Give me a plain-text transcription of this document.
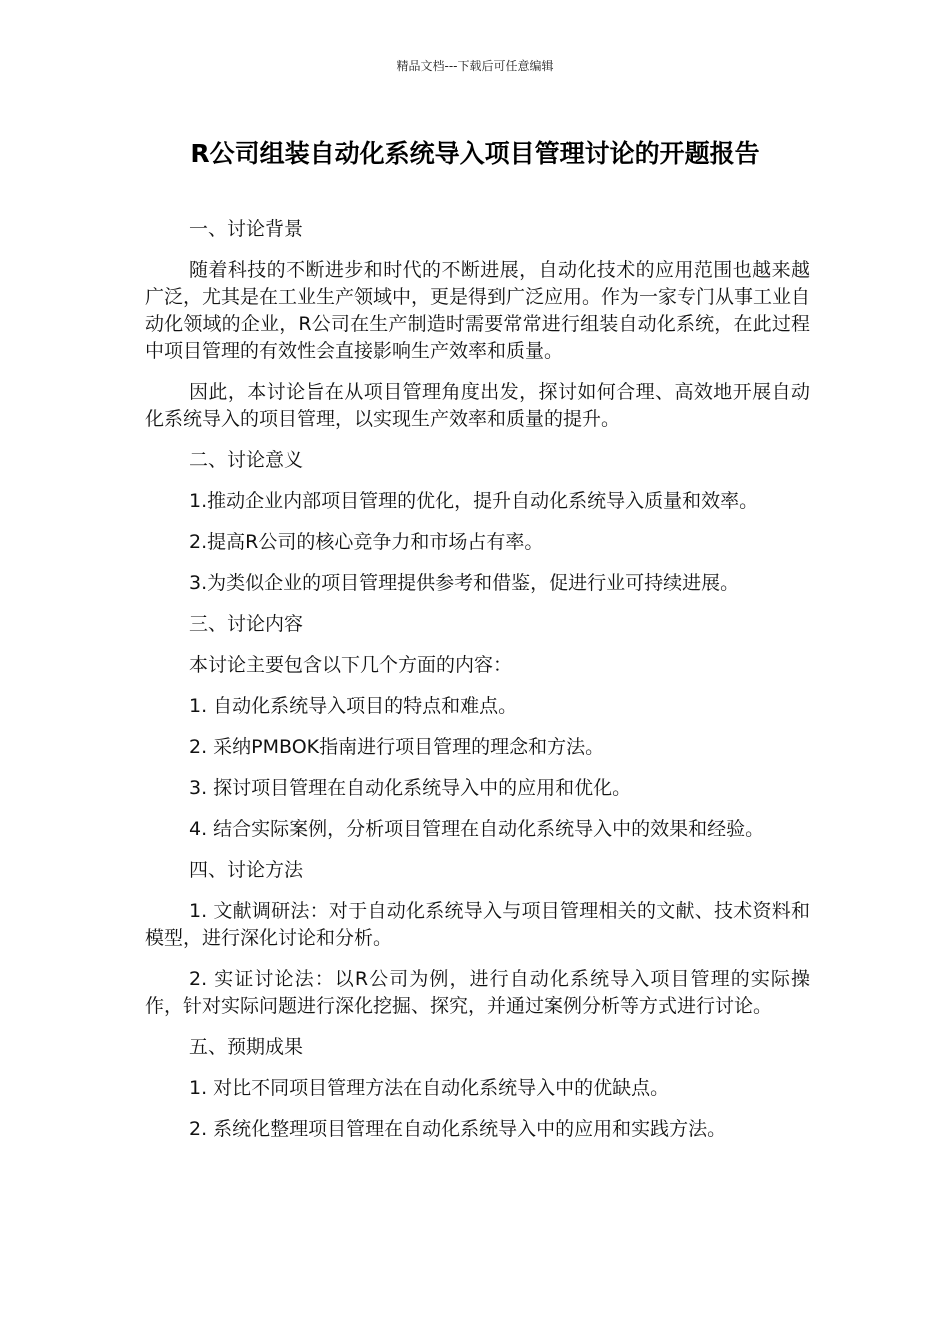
精品文档---下载后可任意编辑
R公司组装自动化系统导入项目管理讨论的开题报告

一、讨论背景

随着科技的不断进步和时代的不断进展，自动化技术的应用范围也越来越广泛，尤其是在工业生产领域中，更是得到广泛应用。作为一家专门从事工业自动化领域的企业，R公司在生产制造时需要常常进行组装自动化系统，在此过程中项目管理的有效性会直接影响生产效率和质量。

因此，本讨论旨在从项目管理角度出发，探讨如何合理、高效地开展自动化系统导入的项目管理，以实现生产效率和质量的提升。

二、讨论意义

1.推动企业内部项目管理的优化，提升自动化系统导入质量和效率。

2.提高R公司的核心竞争力和市场占有率。

3.为类似企业的项目管理提供参考和借鉴，促进行业可持续进展。

三、讨论内容

本讨论主要包含以下几个方面的内容：

1. 自动化系统导入项目的特点和难点。

2. 采纳PMBOK指南进行项目管理的理念和方法。

3. 探讨项目管理在自动化系统导入中的应用和优化。

4. 结合实际案例，分析项目管理在自动化系统导入中的效果和经验。

四、讨论方法

1. 文献调研法：对于自动化系统导入与项目管理相关的文献、技术资料和模型，进行深化讨论和分析。

2. 实证讨论法：以R公司为例，进行自动化系统导入项目管理的实际操作，针对实际问题进行深化挖掘、探究，并通过案例分析等方式进行讨论。

五、预期成果

1. 对比不同项目管理方法在自动化系统导入中的优缺点。

2. 系统化整理项目管理在自动化系统导入中的应用和实践方法。
